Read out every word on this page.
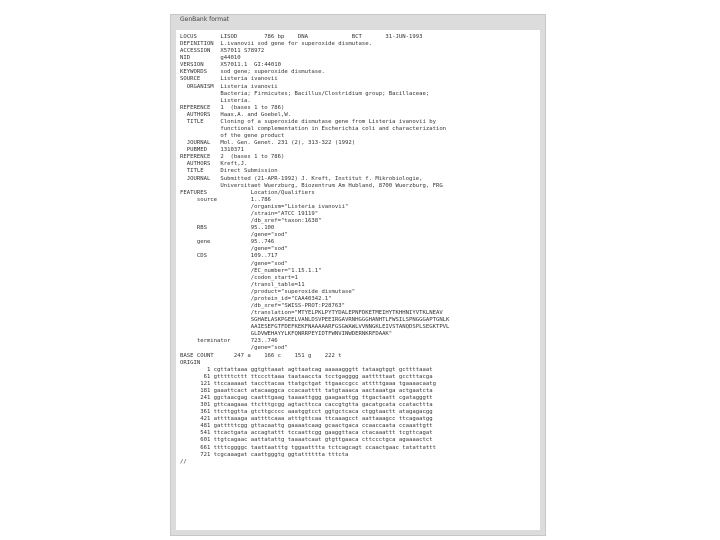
GenBank format
LOCUS       LISOD        786 bp    DNA             BCT       31-JUN-1993
DEFINITION  L.ivanovii sod gene for superoxide dismutase.
ACCESSION   X57011 S78972
NID         g44010
VERSION     X57011.1  GI:44010
KEYWORDS    sod gene; superoxide dismutase.
SOURCE      Listeria ivanovii
ORGANISM  Listeria ivanovii
Bacteria; Firmicutes; Bacillus/Clostridium group; Bacillaceae;
Listeria.
REFERENCE   1  (bases 1 to 786)
AUTHORS   Haas,A. and Goebel,W.
TITLE     Cloning of a superoxide dismutase gene from Listeria ivanovii by
functional complementation in Escherichia coli and characterization
of the gene product
JOURNAL   Mol. Gen. Genet. 231 (2), 313-322 (1992)
PUBMED    1310371
REFERENCE   2  (bases 1 to 786)
AUTHORS   Kreft,J.
TITLE     Direct Submission
JOURNAL   Submitted (21-APR-1992) J. Kreft, Institut f. Mikrobiologie,
Universitaet Wuerzburg, Biozentrum Am Hubland, 8700 Wuerzburg, FRG
FEATURES             Location/Qualifiers
source          1..786
/organism="Listeria ivanovii"
/strain="ATCC 19119"
/db_xref="taxon:1638"
RBS             95..100
/gene="sod"
gene            95..746
/gene="sod"
CDS             109..717
/gene="sod"
/EC_number="1.15.1.1"
/codon_start=1
/transl_table=11
/product="superoxide dismutase"
/protein_id="CAA40342.1"
/db_xref="SWISS-PROT:P28763"
/translation="MTYELPKLPYTYDALEPNFDKETMEIHYTKHHNIYVTKLNEAV
SGHAELASKPGEELVANLDSVPEEIRGAVRNHGGGHANHTLFWSILSPNGGGAPTGNLK
AAIESEFGTFDEFKEKFNAAAAARFGSGWAWLVVNNGKLEIVSTANQDSPLSEGKTPVL
GLDVWEHAYYLKFQNRRPEYIDTFWNVINWDERNKRFDAAK"
terminator      723..746
/gene="sod"
BASE COUNT      247 a    166 c    151 g    222 t
ORIGIN
1 cgttattaaa ggtgttaaat agttaatcag aaaaagggtt tataagtggt gcttttaaat
61 gtttttcttt ttcccttaaa taataaccta tcctgagggg aatttttaat gcctttacga
121 ttccaaaaat taccttacaa ttatgctgat ttgaaccgcc atttttgaaa tgaaaacaatg
181 gaaattcact atacaaggca ccacaatttt tatgtaaaca aactaaatga actgaatcta
241 ggctaacgag caatttgaag taaaattggg gaagaattgg ttgactaatt cgatagggtt
301 gttcaagaaa ttctttgcgg agtacttcca caccgtgtta gacatgcata ccatacttta
361 ttcttggtta gtcttgcccc aaatggtcct ggtgctcaca ctggtaactt atagagacgg
421 attttaaaga aattttcaaa atttgttcaa ttcaaagcct aattaaagcc ttcagaatgg
481 gatttttcgg gttacaattg gaaaatcaag gcaactgaca ccaaccaata ccaaattgtt
541 ttcactgata accagtattt tccaattcgg gaaggttaca ctacaaattt tcgttcagat
601 ttgtcagaac aattatattg taaaatcaat gtgttgaaca cttccctgca agaaaactct
661 ttttcggggc taattaatttg tggaatttta tctcagcagt ccaactgaac tatattattt
721 tcgcaaagat caattgggtg ggtatttttta tttcta
//
